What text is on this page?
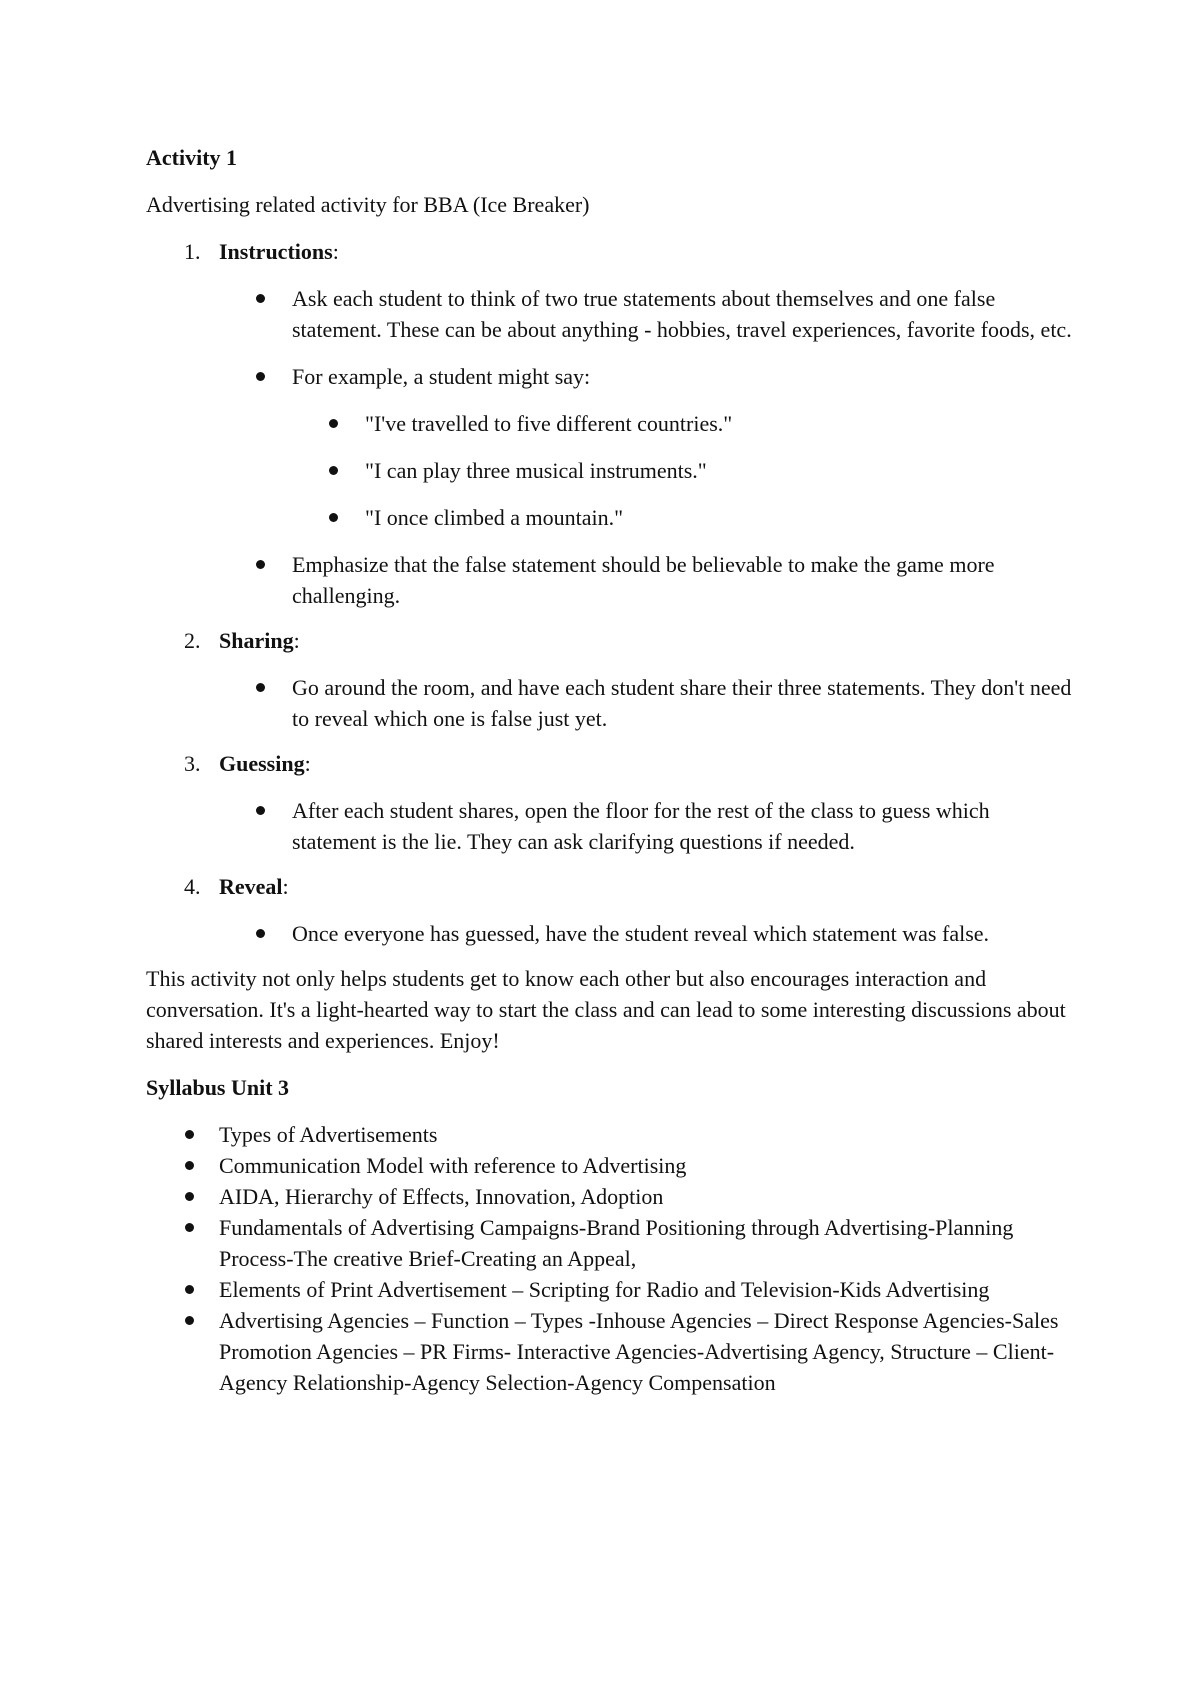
Activity 1
Advertising related activity for BBA (Ice Breaker)
1. Instructions:
Ask each student to think of two true statements about themselves and one false statement. These can be about anything - hobbies, travel experiences, favorite foods, etc.
For example, a student might say:
"I've travelled to five different countries."
"I can play three musical instruments."
"I once climbed a mountain."
Emphasize that the false statement should be believable to make the game more challenging.
2. Sharing:
Go around the room, and have each student share their three statements. They don't need to reveal which one is false just yet.
3. Guessing:
After each student shares, open the floor for the rest of the class to guess which statement is the lie. They can ask clarifying questions if needed.
4. Reveal:
Once everyone has guessed, have the student reveal which statement was false.
This activity not only helps students get to know each other but also encourages interaction and conversation. It's a light-hearted way to start the class and can lead to some interesting discussions about shared interests and experiences. Enjoy!
Syllabus Unit 3
Types of Advertisements
Communication Model with reference to Advertising
AIDA, Hierarchy of Effects, Innovation, Adoption
Fundamentals of Advertising Campaigns-Brand Positioning through Advertising-Planning Process-The creative Brief-Creating an Appeal,
Elements of Print Advertisement – Scripting for Radio and Television-Kids Advertising
Advertising Agencies – Function – Types -Inhouse Agencies – Direct Response Agencies-Sales Promotion Agencies – PR Firms- Interactive Agencies-Advertising Agency, Structure – Client- Agency Relationship-Agency Selection-Agency Compensation
